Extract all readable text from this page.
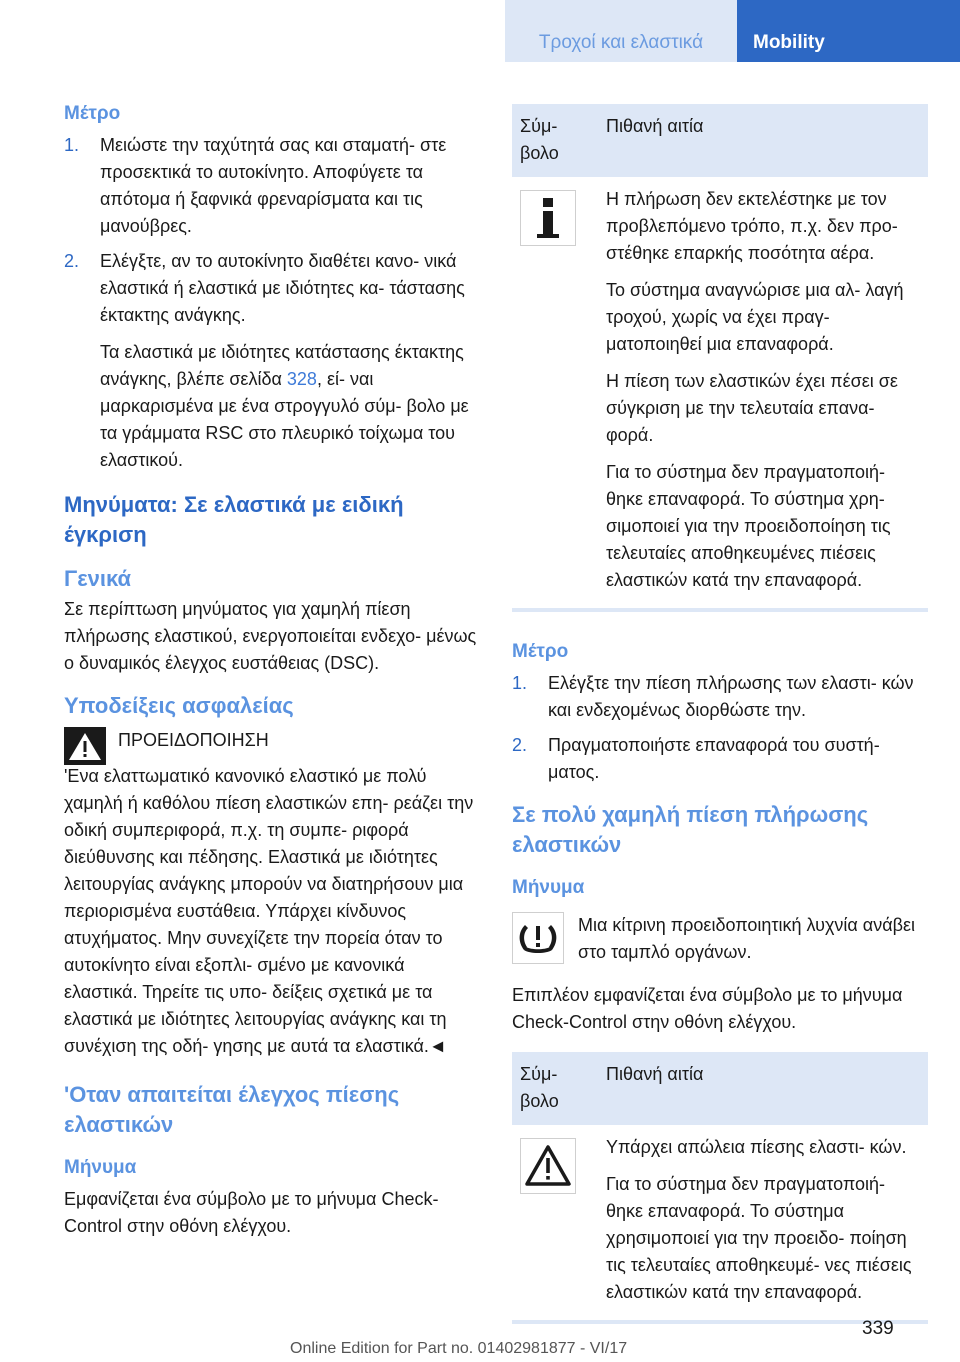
Τροχοί και ελαστικά	Mobility
Μέτρο
1. Μειώστε την ταχύτητά σας και σταματή‐ στε προσεκτικά το αυτοκίνητο. Αποφύγετε τα απότομα ή ξαφνικά φρεναρίσματα και τις μανούβρες.
2. Ελέγξτε, αν το αυτοκίνητο διαθέτει κανο‐ νικά ελαστικά ή ελαστικά με ιδιότητες κα‐ τάστασης έκτακτης ανάγκης.
Τα ελαστικά με ιδιότητες κατάστασης έκτακτης ανάγκης, βλέπε σελίδα 328, εί‐ ναι μαρκαρισμένα με ένα στρογγυλό σύμ‐ βολο με τα γράμματα RSC στο πλευρικό τοίχωμα του ελαστικού.
Μηνύματα: Σε ελαστικά με ειδική έγκριση
Γενικά

Σε περίπτωση μηνύματος για χαμηλή πίεση πλήρωσης ελαστικού, ενεργοποιείται ενδεχο‐ μένως ο δυναμικός έλεγχος ευστάθειας (DSC).

Υποδείξεις ασφαλείας
ΠΡΟΕΙΔΟΠΟΙΗΣΗ

'Ενα ελαττωματικό κανονικό ελαστικό με πολύ χαμηλή ή καθόλου πίεση ελαστικών επη‐ ρεάζει την οδική συμπεριφορά, π.χ. τη συμπε‐ ριφορά διεύθυνσης και πέδησης. Ελαστικά με ιδιότητες λειτουργίας ανάγκης μπορούν να διατηρήσουν μια περιορισμένα ευστάθεια. Υπάρχει κίνδυνος ατυχήματος. Μην συνεχίζετε την πορεία όταν το αυτοκίνητο είναι εξοπλι‐ σμένο με κανονικά ελαστικά. Τηρείτε τις υπο‐ δείξεις σχετικά με τα ελαστικά με ιδιότητες λειτουργίας ανάγκης και τη συνέχιση της οδή‐ γησης με αυτά τα ελαστικά.◄

'Οταν απαιτείται έλεγχος πίεσης ελαστικών
Μήνυμα

Εμφανίζεται ένα σύμβολο με το μήνυμα Check-Control στην οθόνη ελέγχου.

Σύμ‐ βολο	Πιθανή αιτία

Η πλήρωση δεν εκτελέστηκε με τον προβλεπόμενο τρόπο, π.χ. δεν προ‐ στέθηκε επαρκής ποσότητα αέρα.

Το σύστημα αναγνώρισε μια αλ‐ λαγή τροχού, χωρίς να έχει πραγ‐ ματοποιηθεί μια επαναφορά.

Η πίεση των ελαστικών έχει πέσει σε σύγκριση με την τελευταία επανα‐ φορά.

Για το σύστημα δεν πραγματοποιή‐ θηκε επαναφορά. Το σύστημα χρη‐ σιμοποιεί για την προειδοποίηση τις τελευταίες αποθηκευμένες πιέσεις ελαστικών κατά την επαναφορά.

Μέτρο
1. Ελέγξτε την πίεση πλήρωσης των ελαστι‐ κών και ενδεχομένως διορθώστε την.
2. Πραγματοποιήστε επαναφορά του συστή‐ ματος.
Σε πολύ χαμηλή πίεση πλήρωσης ελαστικών
Μήνυμα

Μια κίτρινη προειδοποιητική λυχνία ανάβει στο ταμπλό οργάνων.

Επιπλέον εμφανίζεται ένα σύμβολο με το μήνυμα Check-Control στην οθόνη ελέγχου.

Σύμ‐ βολο	Πιθανή αιτία

Υπάρχει απώλεια πίεσης ελαστι‐ κών.

Για το σύστημα δεν πραγματοποιή‐ θηκε επαναφορά. Το σύστημα χρησιμοποιεί για την προειδο‐ ποίηση τις τελευταίες αποθηκευμέ‐ νες πιέσεις ελαστικών κατά την επαναφορά.

339
Online Edition for Part no. 01402981877 - VI/17
